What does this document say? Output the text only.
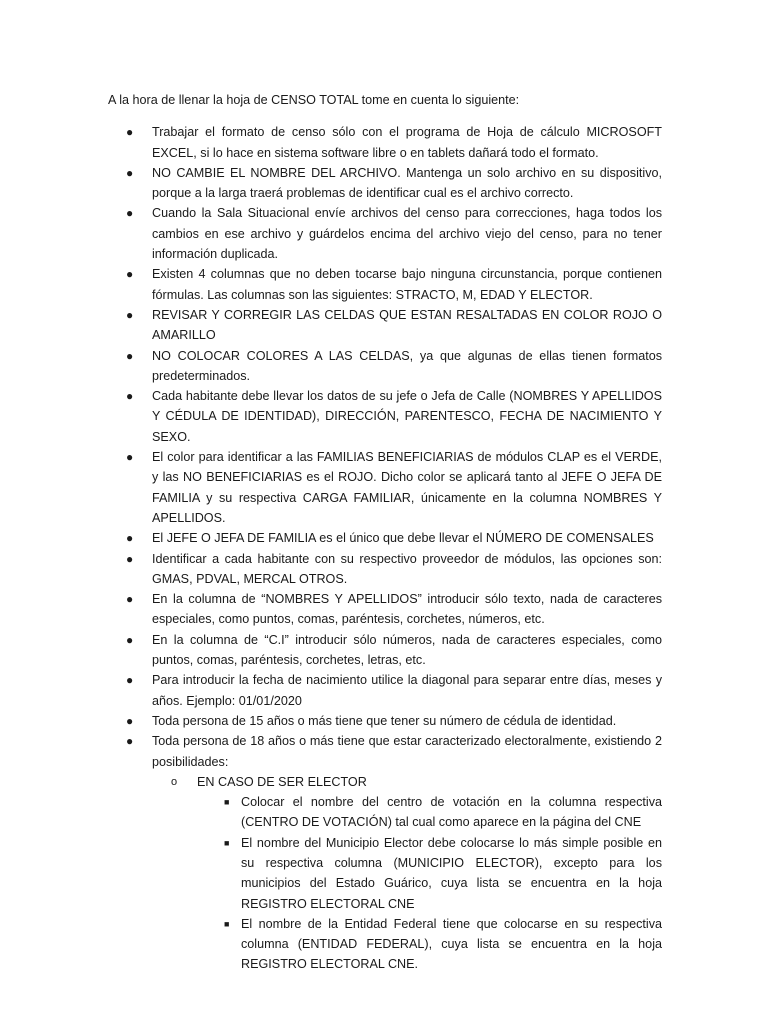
A la hora de llenar la hoja de CENSO TOTAL tome en cuenta lo siguiente:

● Trabajar el formato de censo sólo con el programa de Hoja de cálculo MICROSOFT EXCEL, si lo hace en sistema software libre o en tablets dañará todo el formato.
● NO CAMBIE EL NOMBRE DEL ARCHIVO. Mantenga un solo archivo en su dispositivo, porque a la larga traerá problemas de identificar cual es el archivo correcto.
● Cuando la Sala Situacional envíe archivos del censo para correcciones, haga todos los cambios en ese archivo y guárdelos encima del archivo viejo del censo, para no tener información duplicada.
● Existen 4 columnas que no deben tocarse bajo ninguna circunstancia, porque contienen fórmulas. Las columnas son las siguientes: STRACTO, M, EDAD Y ELECTOR.
● REVISAR Y CORREGIR LAS CELDAS QUE ESTAN RESALTADAS EN COLOR ROJO O AMARILLO
● NO COLOCAR COLORES A LAS CELDAS, ya que algunas de ellas tienen formatos predeterminados.
● Cada habitante debe llevar los datos de su jefe o Jefa de Calle (NOMBRES Y APELLIDOS Y CÉDULA DE IDENTIDAD), DIRECCIÓN, PARENTESCO, FECHA DE NACIMIENTO Y SEXO.
● El color para identificar a las FAMILIAS BENEFICIARIAS de módulos CLAP es el VERDE, y las NO BENEFICIARIAS es el ROJO. Dicho color se aplicará tanto al JEFE O JEFA DE FAMILIA y su respectiva CARGA FAMILIAR, únicamente en la columna NOMBRES Y APELLIDOS.
● El JEFE O JEFA DE FAMILIA es el único que debe llevar el NÚMERO DE COMENSALES
● Identificar a cada habitante con su respectivo proveedor de módulos, las opciones son: GMAS, PDVAL, MERCAL OTROS.
● En la columna de “NOMBRES Y APELLIDOS” introducir sólo texto, nada de caracteres especiales, como puntos, comas, paréntesis, corchetes, números, etc.
● En la columna de “C.I” introducir sólo números, nada de caracteres especiales, como puntos, comas, paréntesis, corchetes, letras, etc.
● Para introducir la fecha de nacimiento utilice la diagonal para separar entre días, meses y años. Ejemplo: 01/01/2020
● Toda persona de 15 años o más tiene que tener su número de cédula de identidad.
● Toda persona de 18 años o más tiene que estar caracterizado electoralmente, existiendo 2 posibilidades:
o EN CASO DE SER ELECTOR
■ Colocar el nombre del centro de votación en la columna respectiva (CENTRO DE VOTACIÓN) tal cual como aparece en la página del CNE
■ El nombre del Municipio Elector debe colocarse lo más simple posible en su respectiva columna (MUNICIPIO ELECTOR), excepto para los municipios del Estado Guárico, cuya lista se encuentra en la hoja REGISTRO ELECTORAL CNE
■ El nombre de la Entidad Federal tiene que colocarse en su respectiva columna (ENTIDAD FEDERAL), cuya lista se encuentra en la hoja REGISTRO ELECTORAL CNE.
